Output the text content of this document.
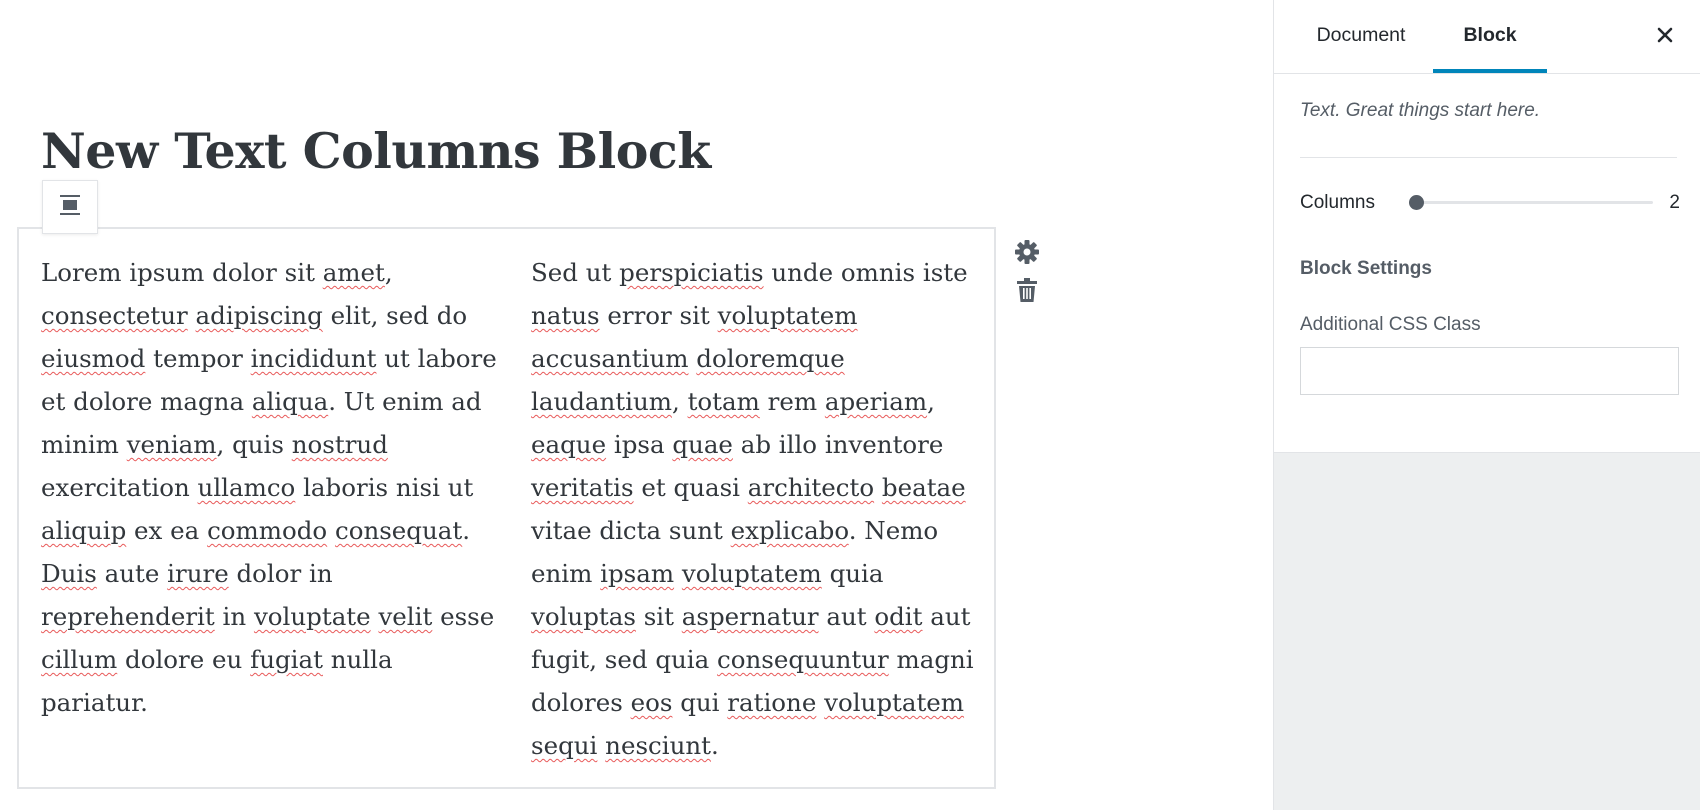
New Text Columns Block
Lorem ipsum dolor sit amet, consectetur adipiscing elit, sed do eiusmod tempor incididunt ut labore et dolore magna aliqua. Ut enim ad minim veniam, quis nostrud exercitation ullamco laboris nisi ut aliquip ex ea commodo consequat. Duis aute irure dolor in reprehenderit in voluptate velit esse cillum dolore eu fugiat nulla pariatur.
Sed ut perspiciatis unde omnis iste natus error sit voluptatem accusantium doloremque laudantium, totam rem aperiam, eaque ipsa quae ab illo inventore veritatis et quasi architecto beatae vitae dicta sunt explicabo. Nemo enim ipsam voluptatem quia voluptas sit aspernatur aut odit aut fugit, sed quia consequuntur magni dolores eos qui ratione voluptatem sequi nesciunt.
Document	Block
Text. Great things start here.
Columns	2
Block Settings
Additional CSS Class
